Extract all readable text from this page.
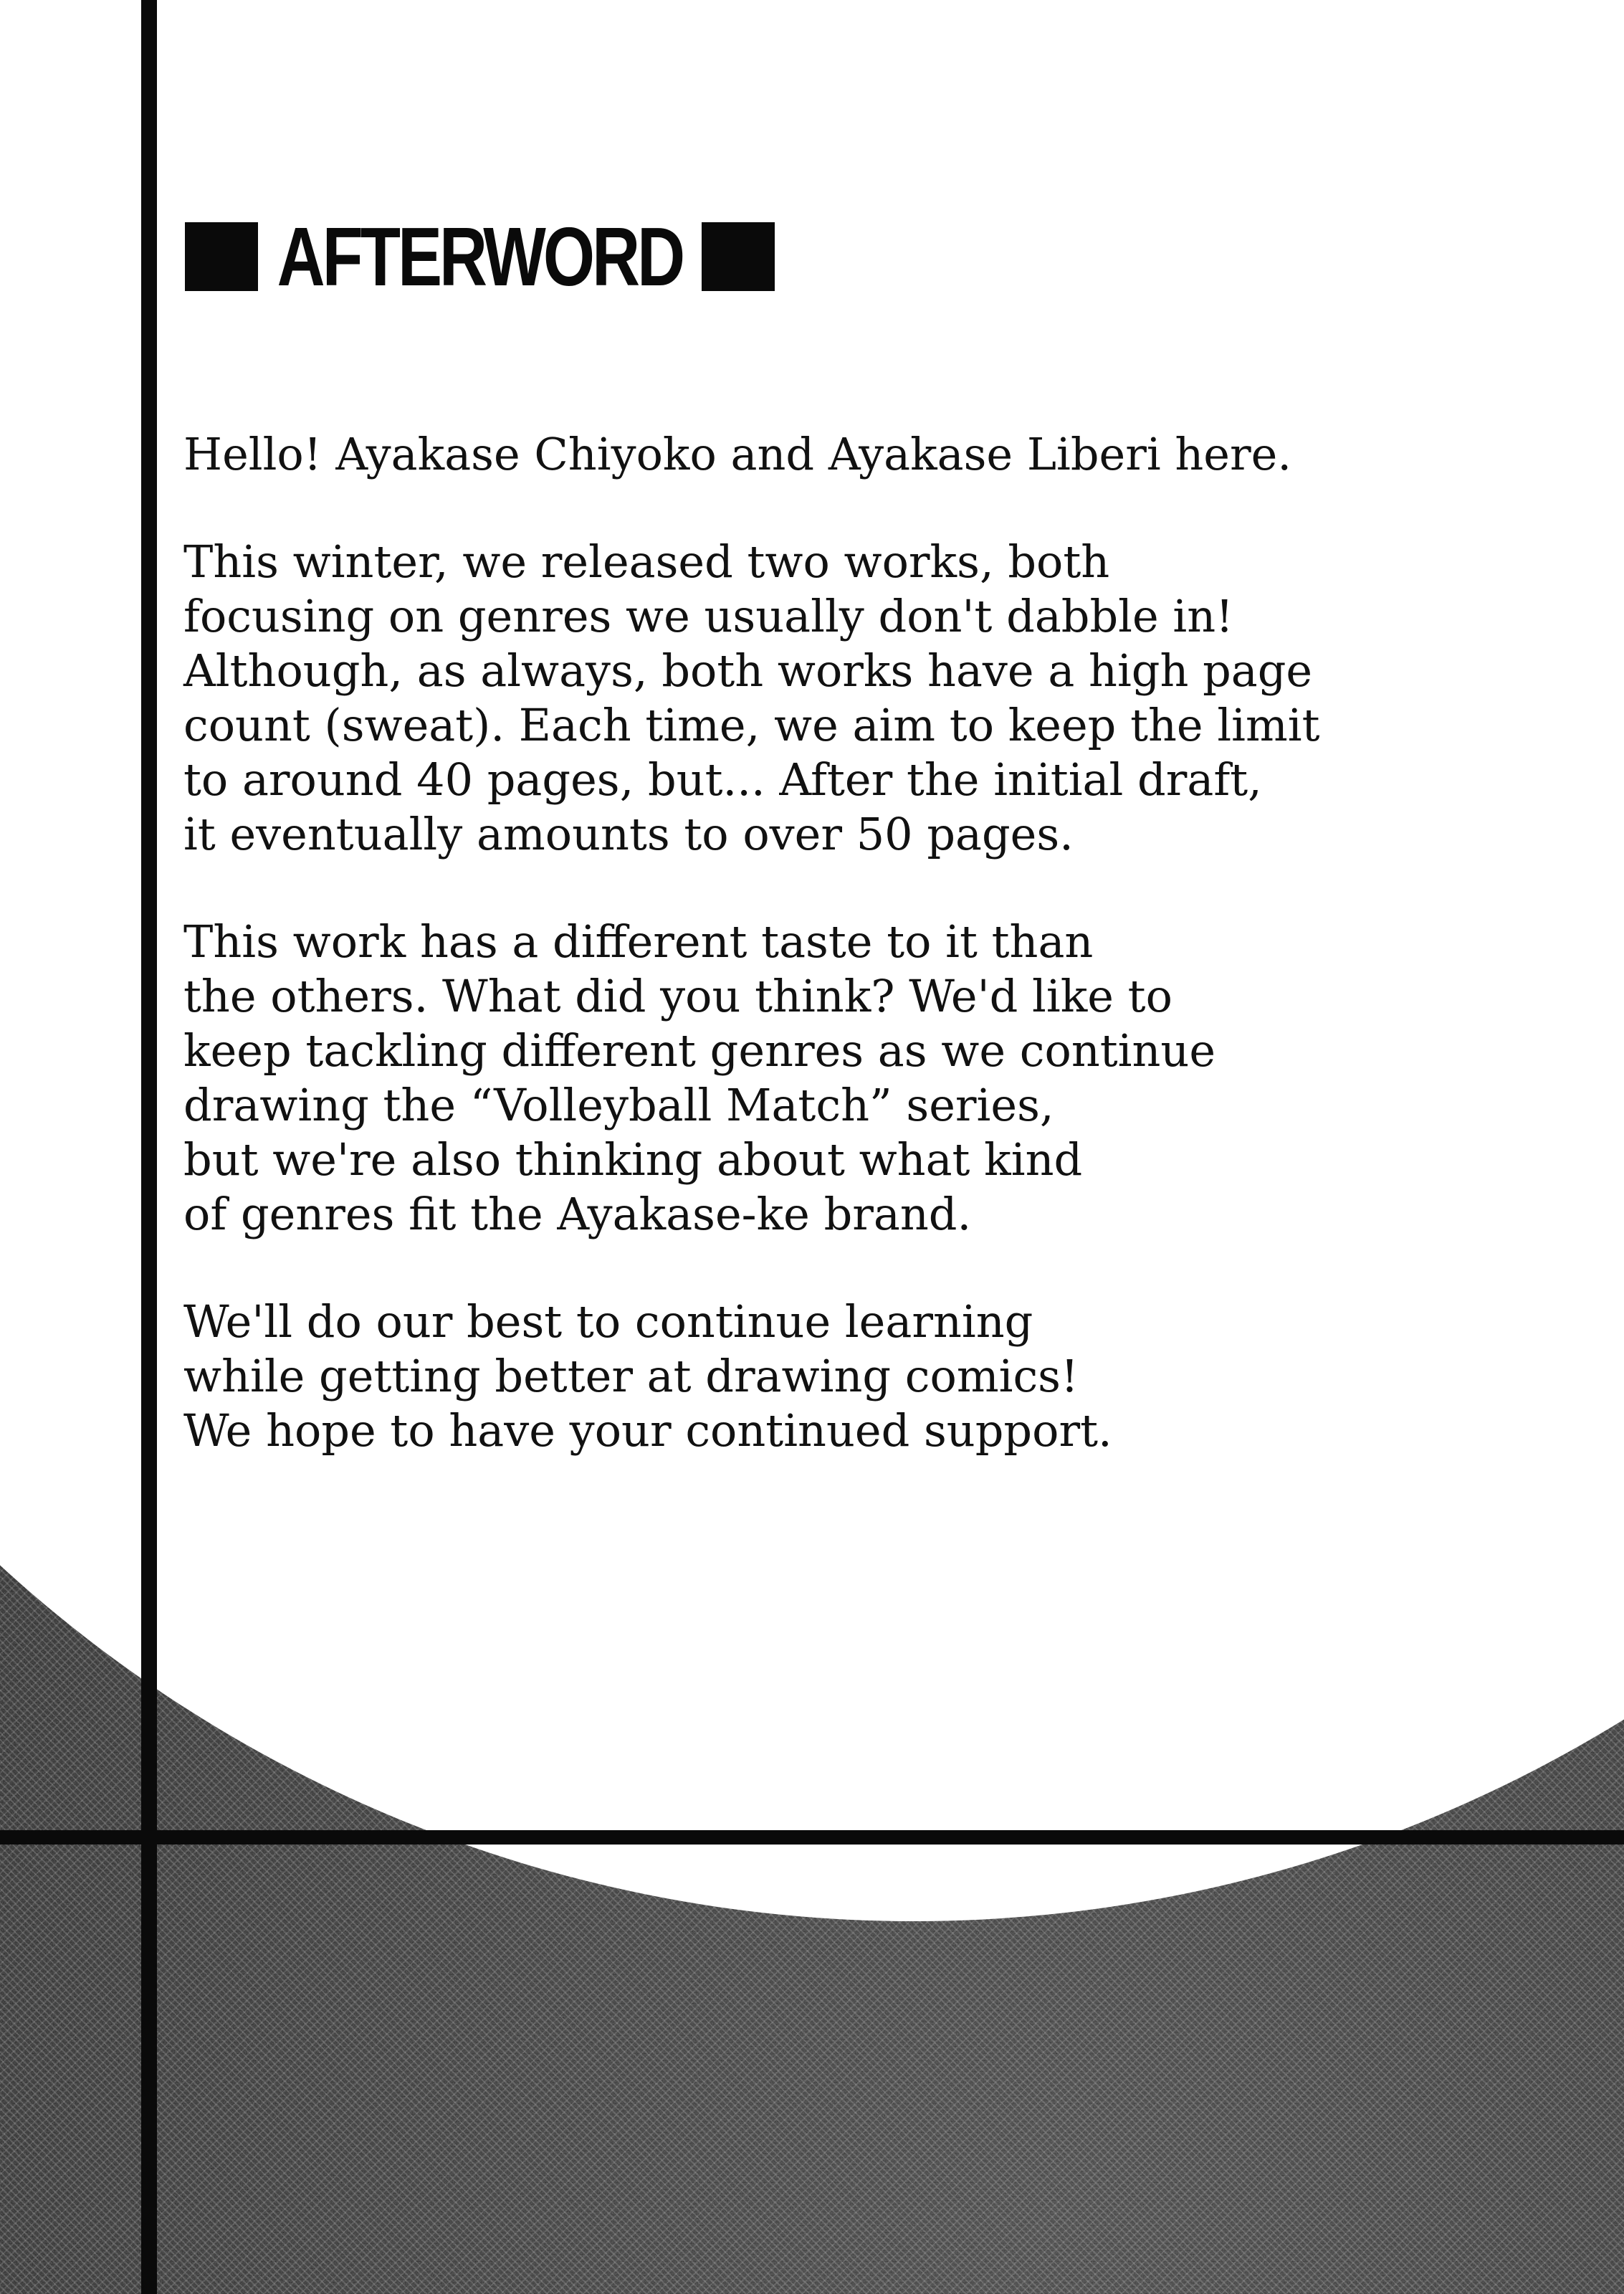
AFTERWORD
Hello! Ayakase Chiyoko and Ayakase Liberi here.
This winter, we released two works, both
focusing on genres we usually don't dabble in!
Although, as always, both works have a high page
count (sweat). Each time, we aim to keep the limit
to around 40 pages, but... After the initial draft,
it eventually amounts to over 50 pages.
This work has a different taste to it than
the others. What did you think? We'd like to
keep tackling different genres as we continue
drawing the “Volleyball Match” series,
but we're also thinking about what kind
of genres fit the Ayakase-ke brand.
We'll do our best to continue learning
while getting better at drawing comics!
We hope to have your continued support.
